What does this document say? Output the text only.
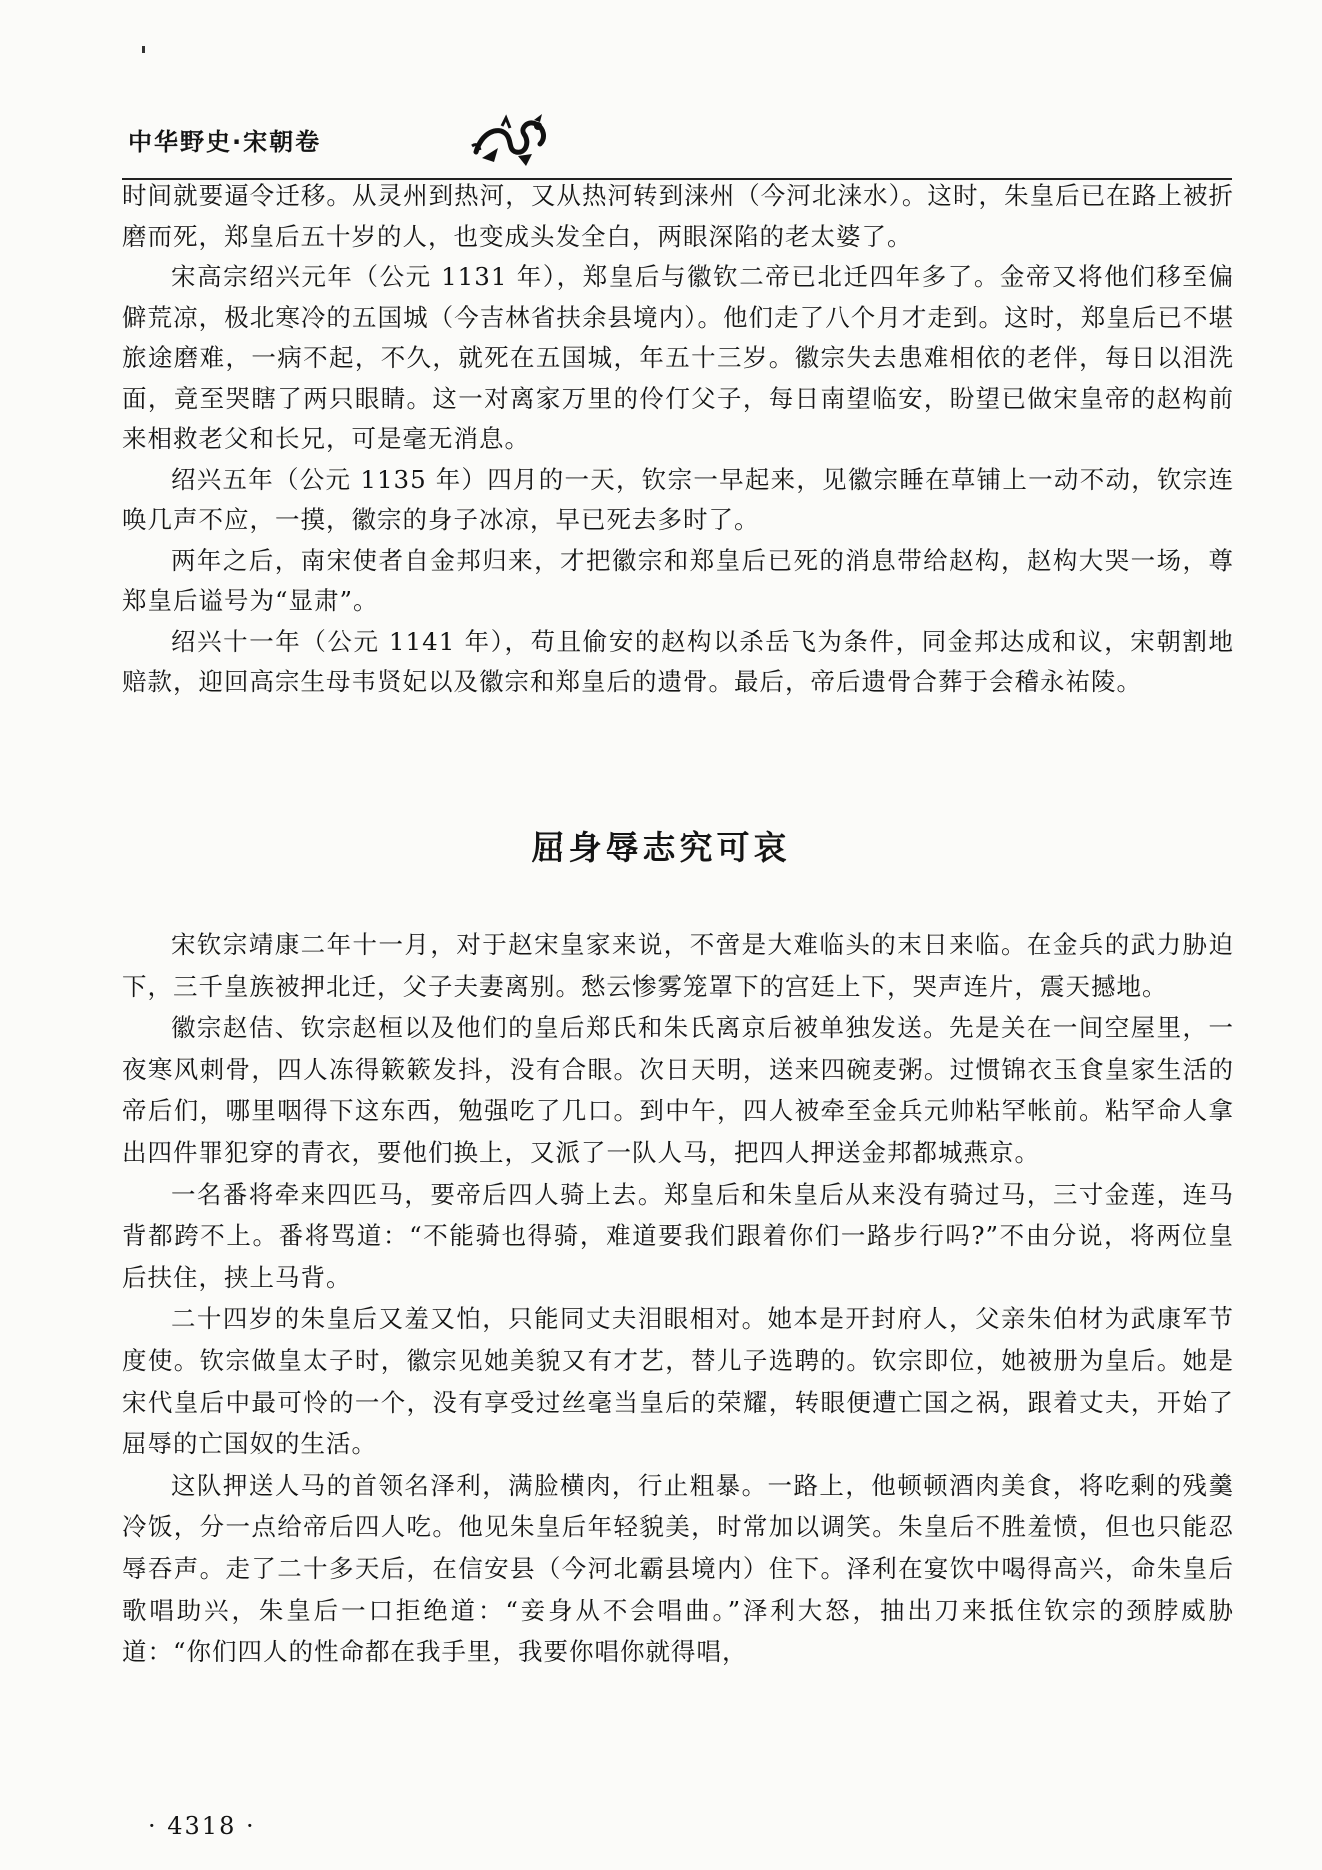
中华野史·宋朝卷

时间就要逼令迁移。从灵州到热河，又从热河转到涞州（今河北涞水）。这时，朱皇后已在路上被折磨而死，郑皇后五十岁的人，也变成头发全白，两眼深陷的老太婆了。

宋高宗绍兴元年（公元 1131 年），郑皇后与徽钦二帝已北迁四年多了。金帝又将他们移至偏僻荒凉，极北寒冷的五国城（今吉林省扶余县境内）。他们走了八个月才走到。这时，郑皇后已不堪旅途磨难，一病不起，不久，就死在五国城，年五十三岁。徽宗失去患难相依的老伴，每日以泪洗面，竟至哭瞎了两只眼睛。这一对离家万里的伶仃父子，每日南望临安，盼望已做宋皇帝的赵构前来相救老父和长兄，可是毫无消息。

绍兴五年（公元 1135 年）四月的一天，钦宗一早起来，见徽宗睡在草铺上一动不动，钦宗连唤几声不应，一摸，徽宗的身子冰凉，早已死去多时了。

两年之后，南宋使者自金邦归来，才把徽宗和郑皇后已死的消息带给赵构，赵构大哭一场，尊郑皇后谥号为“显肃”。

绍兴十一年（公元 1141 年），苟且偷安的赵构以杀岳飞为条件，同金邦达成和议，宋朝割地赔款，迎回高宗生母韦贤妃以及徽宗和郑皇后的遗骨。最后，帝后遗骨合葬于会稽永祐陵。

屈身辱志究可哀

宋钦宗靖康二年十一月，对于赵宋皇家来说，不啻是大难临头的末日来临。在金兵的武力胁迫下，三千皇族被押北迁，父子夫妻离别。愁云惨雾笼罩下的宫廷上下，哭声连片，震天撼地。

徽宗赵佶、钦宗赵桓以及他们的皇后郑氏和朱氏离京后被单独发送。先是关在一间空屋里，一夜寒风刺骨，四人冻得簌簌发抖，没有合眼。次日天明，送来四碗麦粥。过惯锦衣玉食皇家生活的帝后们，哪里咽得下这东西，勉强吃了几口。到中午，四人被牵至金兵元帅粘罕帐前。粘罕命人拿出四件罪犯穿的青衣，要他们换上，又派了一队人马，把四人押送金邦都城燕京。

一名番将牵来四匹马，要帝后四人骑上去。郑皇后和朱皇后从来没有骑过马，三寸金莲，连马背都跨不上。番将骂道：“不能骑也得骑，难道要我们跟着你们一路步行吗?”不由分说，将两位皇后扶住，挟上马背。

二十四岁的朱皇后又羞又怕，只能同丈夫泪眼相对。她本是开封府人，父亲朱伯材为武康军节度使。钦宗做皇太子时，徽宗见她美貌又有才艺，替儿子选聘的。钦宗即位，她被册为皇后。她是宋代皇后中最可怜的一个，没有享受过丝毫当皇后的荣耀，转眼便遭亡国之祸，跟着丈夫，开始了屈辱的亡国奴的生活。

这队押送人马的首领名泽利，满脸横肉，行止粗暴。一路上，他顿顿酒肉美食，将吃剩的残羹冷饭，分一点给帝后四人吃。他见朱皇后年轻貌美，时常加以调笑。朱皇后不胜羞愤，但也只能忍辱吞声。走了二十多天后，在信安县（今河北霸县境内）住下。泽利在宴饮中喝得高兴，命朱皇后歌唱助兴，朱皇后一口拒绝道：“妾身从不会唱曲。”泽利大怒，抽出刀来抵住钦宗的颈脖威胁道：“你们四人的性命都在我手里，我要你唱你就得唱，

· 4318 ·
